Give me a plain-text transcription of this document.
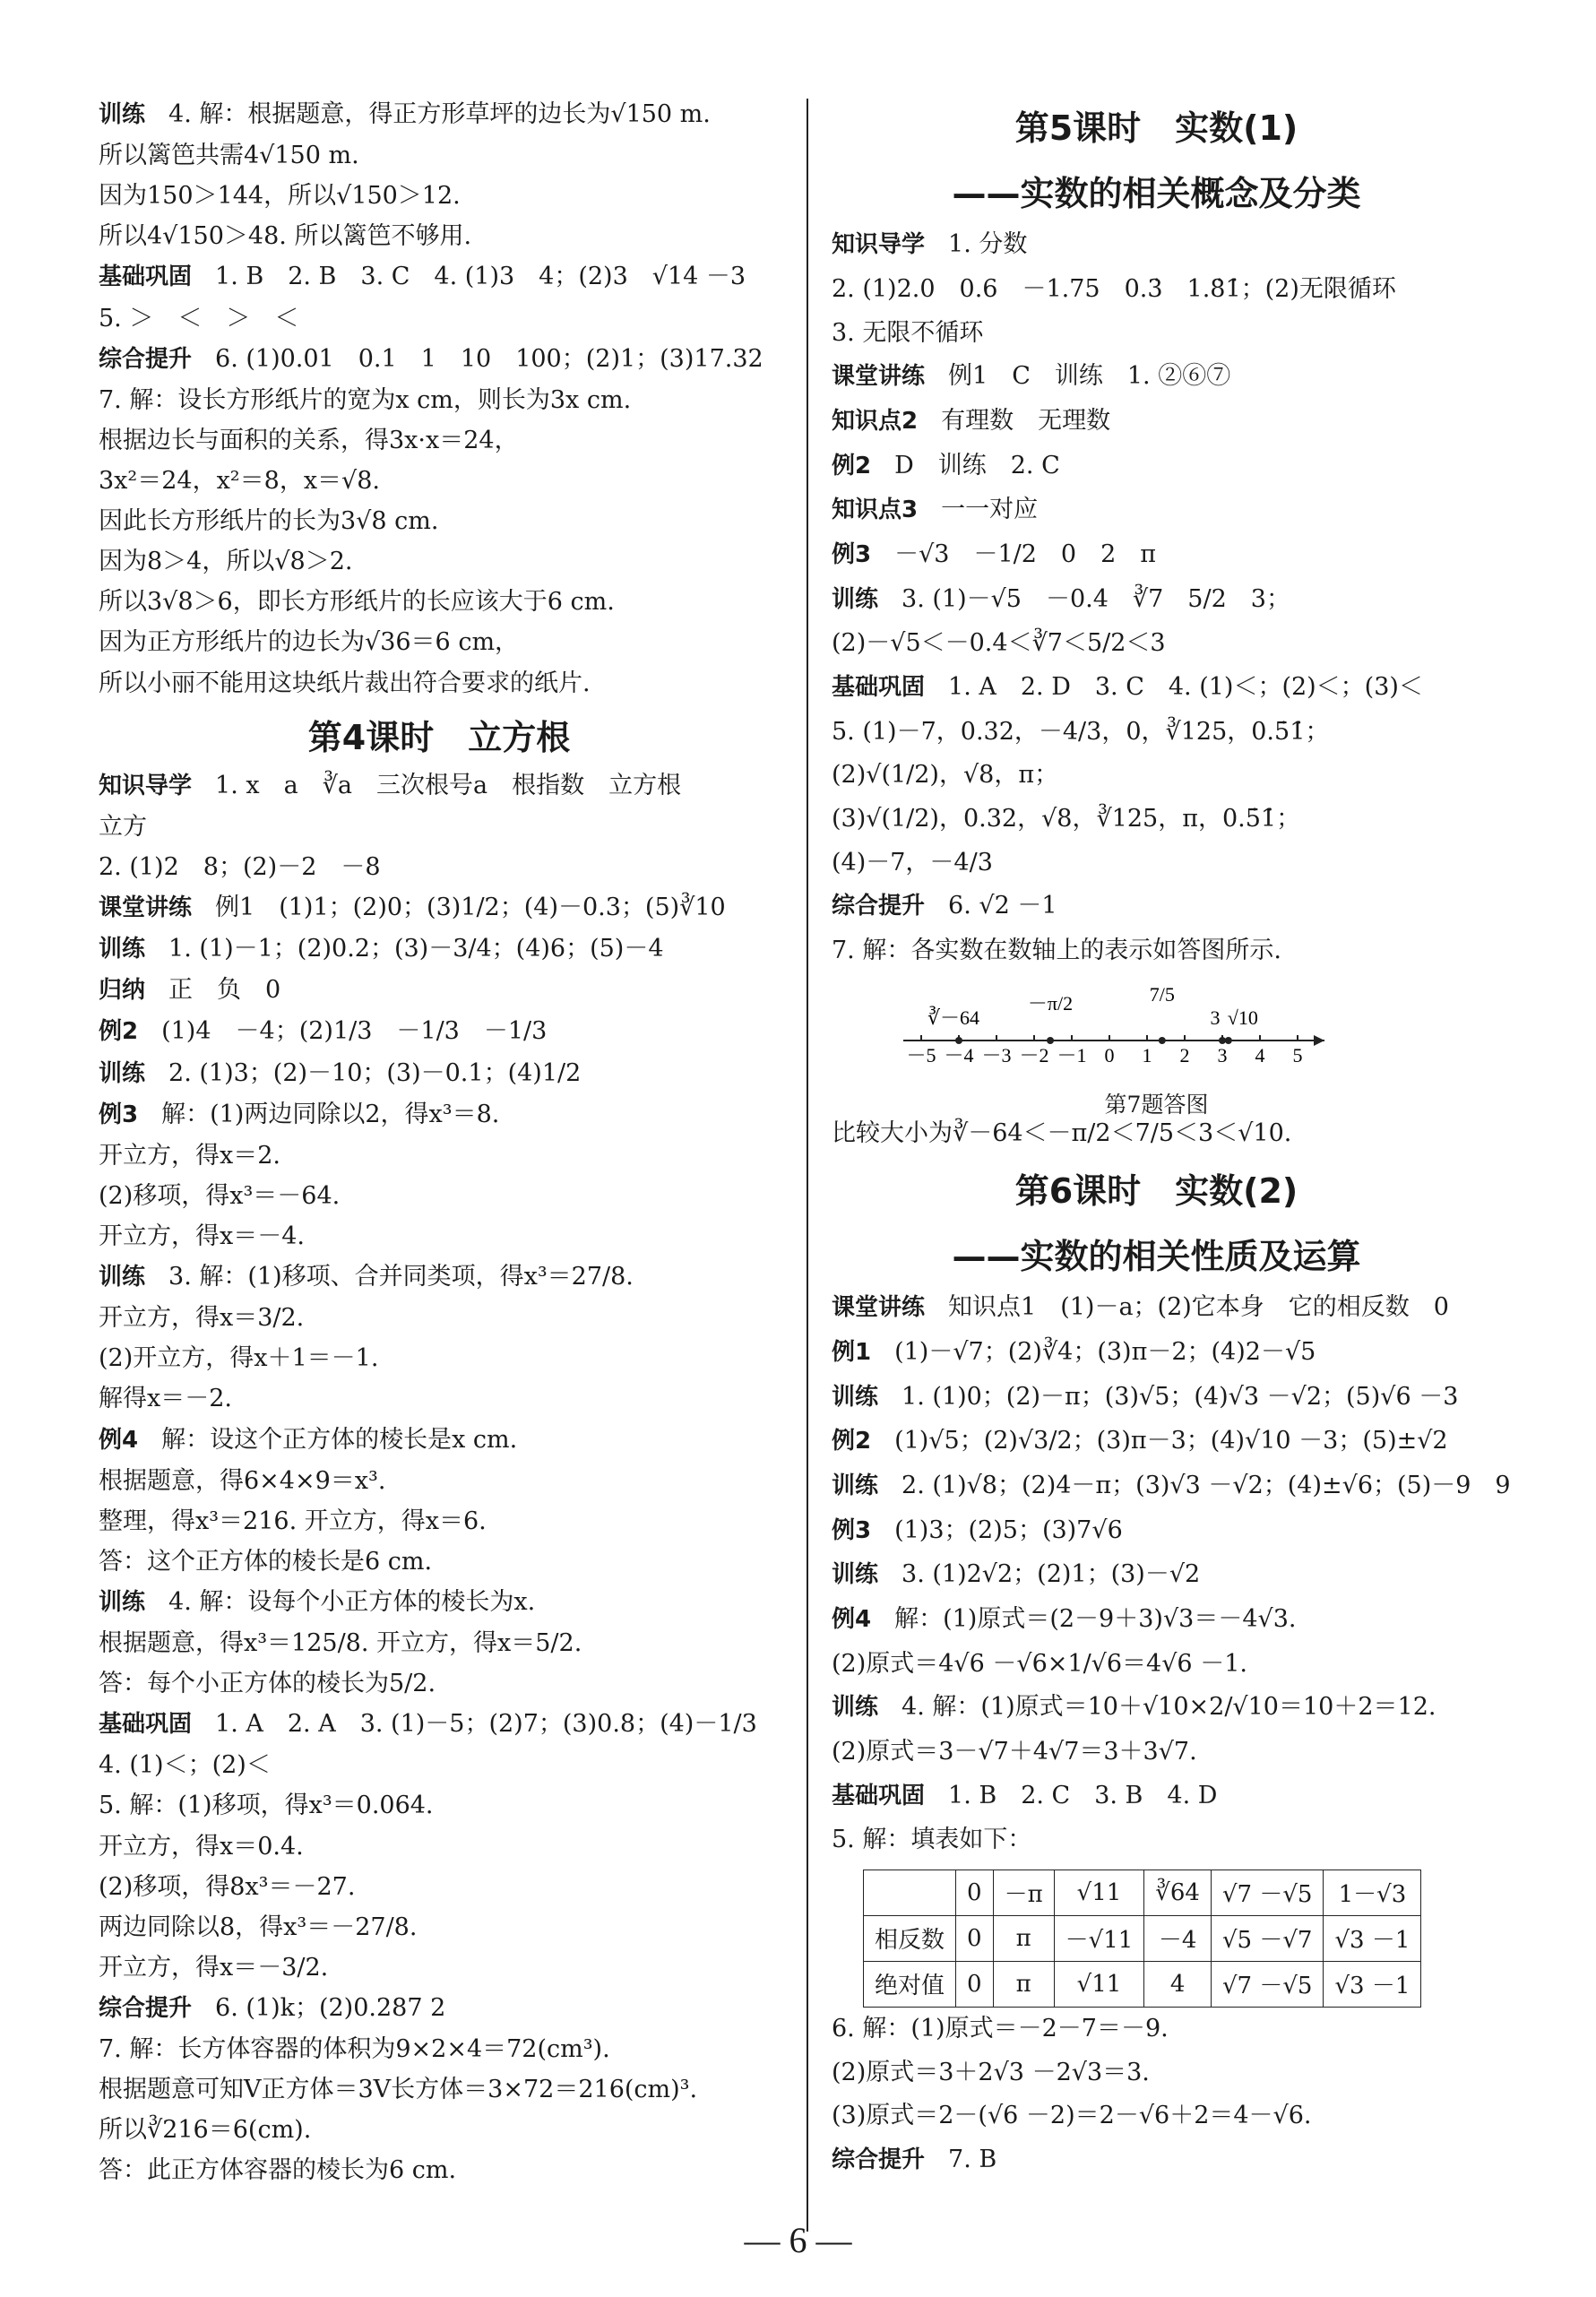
训练　4. 解：根据题意，得正方形草坪的边长为√150 m.
所以篱笆共需4√150 m.
因为150＞144，所以√150＞12.
所以4√150＞48. 所以篱笆不够用.
基础巩固　1. B　2. B　3. C　4. (1)3　4；(2)3　√14 －3
5. ＞　＜　＞　＜
综合提升　6. (1)0.01　0.1　1　10　100；(2)1；(3)17.32
7. 解：设长方形纸片的宽为x cm，则长为3x cm.
根据边长与面积的关系，得3x·x＝24，
3x²＝24，x²＝8，x＝√8.
因此长方形纸片的长为3√8 cm.
因为8＞4，所以√8＞2.
所以3√8＞6，即长方形纸片的长应该大于6 cm.
因为正方形纸片的边长为√36＝6 cm，
所以小丽不能用这块纸片裁出符合要求的纸片.
第4课时　立方根
知识导学　1. x　a　∛a　三次根号a　根指数　立方根
立方
2. (1)2　8；(2)－2　－8
课堂讲练　例1　(1)1；(2)0；(3)1/2；(4)－0.3；(5)∛10
训练　1. (1)－1；(2)0.2；(3)－3/4；(4)6；(5)－4
归纳　正　负　0
例2　(1)4　－4；(2)1/3　－1/3　－1/3
训练　2. (1)3；(2)－10；(3)－0.1；(4)1/2
例3　解：(1)两边同除以2，得x³＝8.
开立方，得x＝2.
(2)移项，得x³＝－64.
开立方，得x＝－4.
训练　3. 解：(1)移项、合并同类项，得x³＝27/8.
开立方，得x＝3/2.
(2)开立方，得x＋1＝－1.
解得x＝－2.
例4　解：设这个正方体的棱长是x cm.
根据题意，得6×4×9＝x³.
整理，得x³＝216. 开立方，得x＝6.
答：这个正方体的棱长是6 cm.
训练　4. 解：设每个小正方体的棱长为x.
根据题意，得x³＝125/8. 开立方，得x＝5/2.
答：每个小正方体的棱长为5/2.
基础巩固　1. A　2. A　3. (1)－5；(2)7；(3)0.8；(4)－1/3
4. (1)＜；(2)＜
5. 解：(1)移项，得x³＝0.064.
开立方，得x＝0.4.
(2)移项，得8x³＝－27.
两边同除以8，得x³＝－27/8.
开立方，得x＝－3/2.
综合提升　6. (1)k；(2)0.287 2
7. 解：长方体容器的体积为9×2×4＝72(cm³).
根据题意可知V正方体＝3V长方体＝3×72＝216(cm)³.
所以∛216＝6(cm).
答：此正方体容器的棱长为6 cm.
第5课时　实数(1)
——实数的相关概念及分类
知识导学　1. 分数
2. (1)2.0　0.6　－1.75　0.3̇　1.8̇1̇；(2)无限循环
3. 无限不循环
课堂讲练　例1　C　训练　1. ②⑥⑦
知识点2　有理数　无理数
例2　D　训练　2. C
知识点3　一一对应
例3　－√3　－1/2　0　2　π
训练　3. (1)－√5　－0.4　∛7　5/2　3；
(2)－√5＜－0.4＜∛7＜5/2＜3
基础巩固　1. A　2. D　3. C　4. (1)＜；(2)＜；(3)＜
5. (1)－7，0.32，－4/3，0，∛125，0.5̇1̇；
(2)√(1/2)，√8，π；
(3)√(1/2)，0.32，√8，∛125，π，0.5̇1̇；
(4)－7，－4/3
综合提升　6. √2 －1
7. 解：各实数在数轴上的表示如答图所示.
－5 －4 －3 －2 －1 0 1 2 3 4 5
∛－64
－π/2	7/5
3 √10
第7题答图
比较大小为∛－64＜－π/2＜7/5＜3＜√10.
第6课时　实数(2)
——实数的相关性质及运算
课堂讲练　知识点1　(1)－a；(2)它本身　它的相反数　0
例1　(1)－√7；(2)∛4；(3)π－2；(4)2－√5
训练　1. (1)0；(2)－π；(3)√5；(4)√3 －√2；(5)√6 －3
例2　(1)√5；(2)√3/2；(3)π－3；(4)√10 －3；(5)±√2
训练　2. (1)√8；(2)4－π；(3)√3 －√2；(4)±√6；(5)－9　9
例3　(1)3；(2)5；(3)7√6
训练　3. (1)2√2；(2)1；(3)－√2
例4　解：(1)原式＝(2－9＋3)√3＝－4√3.
(2)原式＝4√6 －√6×1/√6＝4√6 －1.
训练　4. 解：(1)原式＝10＋√10×2/√10＝10＋2＝12.
(2)原式＝3－√7＋4√7＝3＋3√7.
基础巩固　1. B　2. C　3. B　4. D
5. 解：填表如下：
	0	－π	√11	∛64	√7 －√5	1－√3
相反数	0	π	－√11	－4	√5 －√7	√3 －1
绝对值	0	π	√11	4	√7 －√5	√3 －1
6. 解：(1)原式＝－2－7＝－9.
(2)原式＝3＋2√3 －2√3＝3.
(3)原式＝2－(√6 －2)＝2－√6＋2＝4－√6.
综合提升　7. B
— 6 —
